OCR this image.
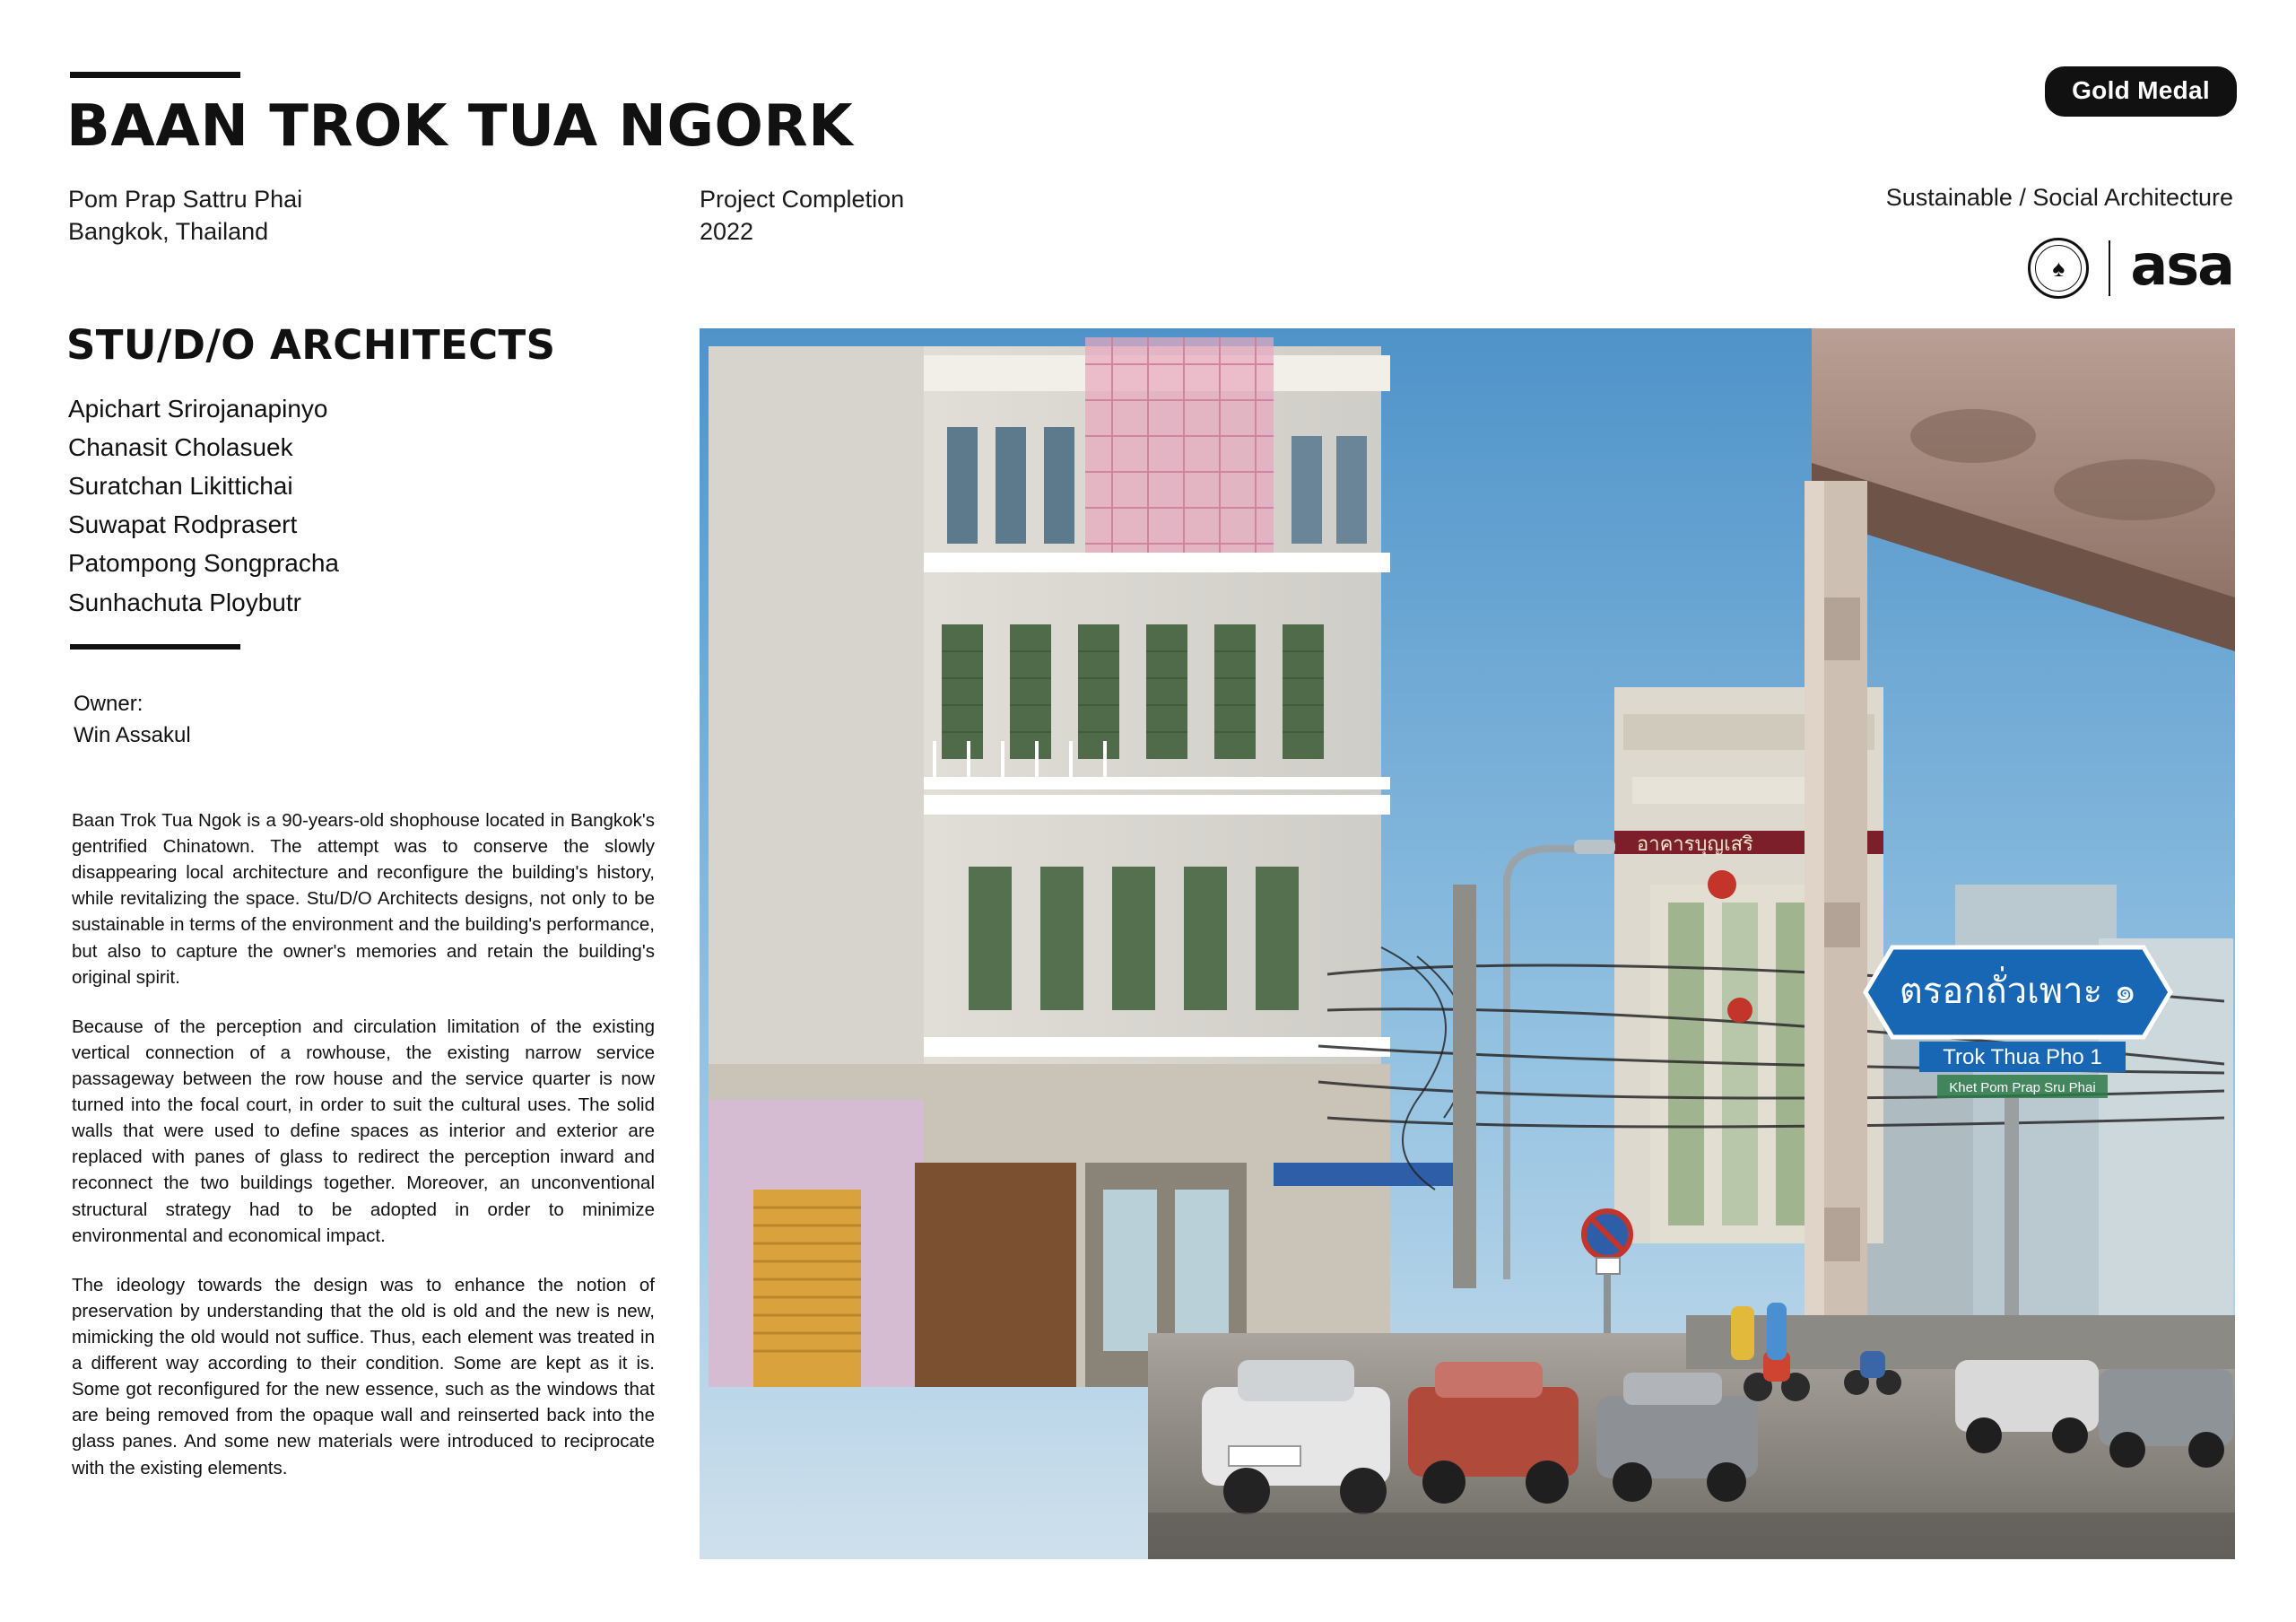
BAAN TROK TUA NGORK
Pom Prap Sattru Phai
Bangkok, Thailand
Project Completion
2022
Gold Medal
Sustainable / Social Architecture
♠ asa
STU/D/O ARCHITECTS
Apichart Srirojanapinyo
Chanasit Cholasuek
Suratchan Likittichai
Suwapat Rodprasert
Patompong Songpracha
Sunhachuta Ploybutr
Owner:
Win Assakul

Baan Trok Tua Ngok is a 90-years-old shophouse located in Bangkok's gentrified Chinatown. The attempt was to conserve the slowly disappearing local architecture and reconfigure the building's history, while revitalizing the space. Stu/D/O Architects designs, not only to be sustainable in terms of the environment and the building's performance, but also to capture the owner's memories and retain the building's original spirit.

Because of the perception and circulation limitation of the existing vertical connection of a rowhouse, the existing narrow service passageway between the row house and the service quarter is now turned into the focal court, in order to suit the cultural uses. The solid walls that were used to define spaces as interior and exterior are replaced with panes of glass to redirect the perception inward and reconnect the two buildings together. Moreover, an unconventional structural strategy had to be adopted in order to minimize environmental and economical impact.

The ideology towards the design was to enhance the notion of preservation by understanding that the old is old and the new is new, mimicking the old would not suffice. Thus, each element was treated in a different way according to their condition. Some are kept as it is. Some got reconfigured for the new essence, such as the windows that are being removed from the opaque wall and reinserted back into the glass panes. And some new materials were introduced to reciprocate with the existing elements.

อาคารบุญเสริ
ตรอกถั่วเพาะ ๑
Trok Thua Pho 1
Khet Pom Prap Sru Phai
